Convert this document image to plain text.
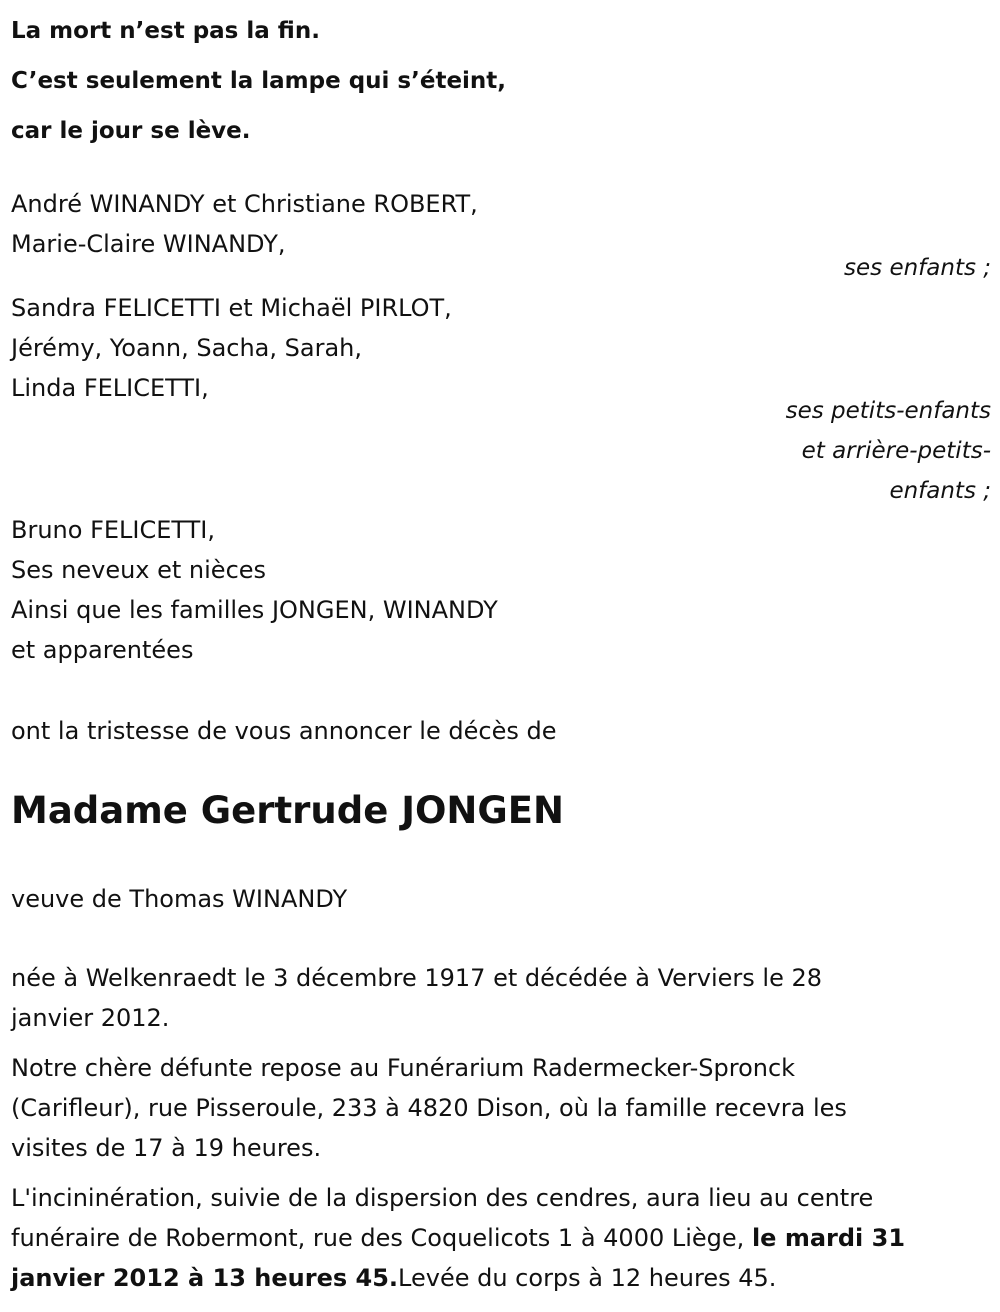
La mort n’est pas la fin.
C’est seulement la lampe qui s’éteint,
car le jour se lève.
André WINANDY et Christiane ROBERT,
Marie-Claire WINANDY,
ses enfants ;
Sandra FELICETTI et Michaël PIRLOT,
Jérémy, Yoann, Sacha, Sarah,
Linda FELICETTI,
ses petits-enfants
et arrière-petits-
enfants ;
Bruno FELICETTI,
Ses neveux et nièces
Ainsi que les familles JONGEN, WINANDY
et apparentées
ont la tristesse de vous annoncer le décès de
Madame Gertrude JONGEN
veuve de Thomas WINANDY
née à Welkenraedt le 3 décembre 1917 et décédée à Verviers le 28
janvier 2012.
Notre chère défunte repose au Funérarium Radermecker-Spronck
(Carifleur), rue Pisseroule, 233 à 4820 Dison, où la famille recevra les
visites de 17 à 19 heures.
L'incininération, suivie de la dispersion des cendres, aura lieu au centre
funéraire de Robermont, rue des Coquelicots 1 à 4000 Liège, le mardi 31
janvier 2012 à 13 heures 45.Levée du corps à 12 heures 45.
